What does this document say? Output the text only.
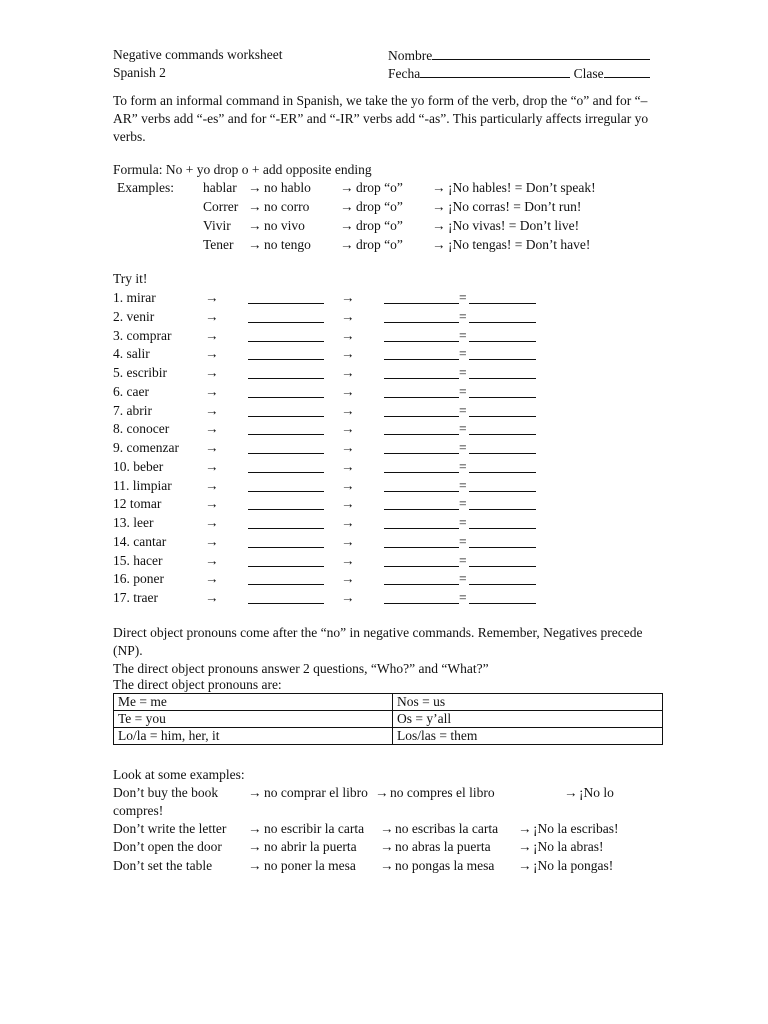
Negative commands worksheet
Spanish 2
Nombre
Fecha	Clase
To form an informal command in Spanish, we take the yo form of the verb, drop the “o” and for “–AR” verbs add “-es” and for “-ER” and “-IR” verbs add “-as”. This particularly affects irregular yo verbs.
Formula: No + yo drop o + add opposite ending
Examples: hablar → no hablo → drop “o” → ¡No hables! = Don’t speak!
Correr → no corro → drop “o” → ¡No corras! = Don’t run!
Vivir → no vivo	→ drop “o” → ¡No vivas! = Don’t live!
Tener → no tengo → drop “o” → ¡No tengas! = Don’t have!
Try it!
1. mirar	→	→	=
2. venir	→	→	=
3. comprar →	→	=
4. salir	→	→	=
5. escribir	→	→	=
6. caer	→	→	=
7. abrir	→	→	=
8. conocer	→	→	=
9. comenzar →	→	=
10. beber	→	→	=
11. limpiar →	→	=
12 tomar	→	→	=
13. leer	→	→	=
14. cantar	→	→	=
15. hacer	→	→	=
16. poner	→	→	=
17. traer	→	→	=
Direct object pronouns come after the “no” in negative commands. Remember, Negatives precede (NP).
The direct object pronouns answer 2 questions, “Who?” and “What?”
The direct object pronouns are:
Me = me	Nos = us
Te = you	Os = y’all
Lo/la = him, her, it	Los/las = them
Look at some examples:
Don’t buy the book → no comprar el libro → no compres el libro	→ ¡No lo
compres!
Don’t write the letter → no escribir la carta → no escribas la carta → ¡No la escribas!
Don’t open the door → no abrir la puerta → no abras la puerta → ¡No la abras!
Don’t set the table	→ no poner la mesa → no pongas la mesa → ¡No la pongas!
